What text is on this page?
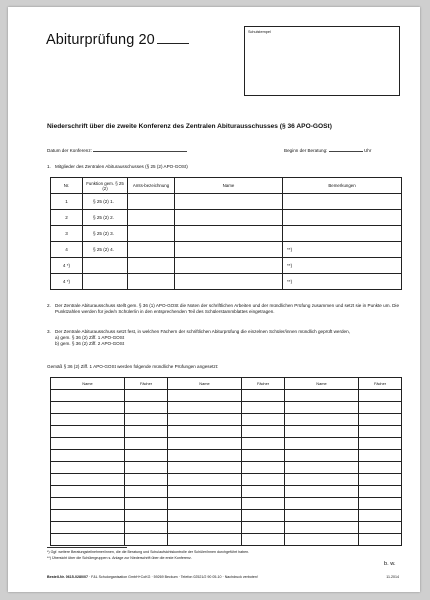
Abiturprüfung 20	Schulstempel
Niederschrift über die zweite Konferenz des Zentralen Abiturausschusses (§ 36 APO-GOSt)
Datum der Konferenz:	Beginn der Beratung:	Uhr
1. Mitglieder des Zentralen Abiturausschusses (§ 25 (2) APO-GOSt)
Nr.	Funktion gem. § 25 (2)	Amts-bezeichnung	Name	Bemerkungen
1	§ 25 (2) 1.			
2	§ 25 (2) 2.			
3	§ 25 (2) 3.			
4	§ 25 (2) 4.			**)
4 *)				**)
4 *)				**)
2. Der Zentrale Abiturausschuss stellt gem. § 36 (1) APO-GOSt die Noten der schriftlichen Arbeiten und der mündlichen Prüfung zusammen und setzt sie in Punkte um. Die Punktzahlen werden für jede/n Schüler/in in den entsprechenden Teil des Schülerstammblattes eingetragen.
3. Der Zentrale Abiturausschuss setzt fest, in welchen Fächern der schriftlichen Abiturprüfung die einzelnen Schüler/innen mündlich geprüft werden,
a) gem. § 36 (2) Ziff. 1 APO-GOSt
b) gem. § 36 (2) Ziff. 2 APO-GOSt
Gemäß § 36 (2) Ziff. 1 APO-GOSt werden folgende mündliche Prüfungen angesetzt:
Name	Fächer	Name	Fächer	Name	Fächer

*) Ggf. weitere Beratungsteilnehmer/innen, die die Beratung und Schulaufsichtskontrolle der Schüler/innen durchgeführt haben.
**) Übersicht über die Schülergruppen s. Anlage zur Niederschrift über die erste Konferenz.
b. w.
Bestell-Nr. 0615-0280/07 · F&L Schulorganisation GmbH+CoKG · 59269 Beckum · Telefon 02521/2 90 05-10 · Nachdruck verboten!	11.2014
